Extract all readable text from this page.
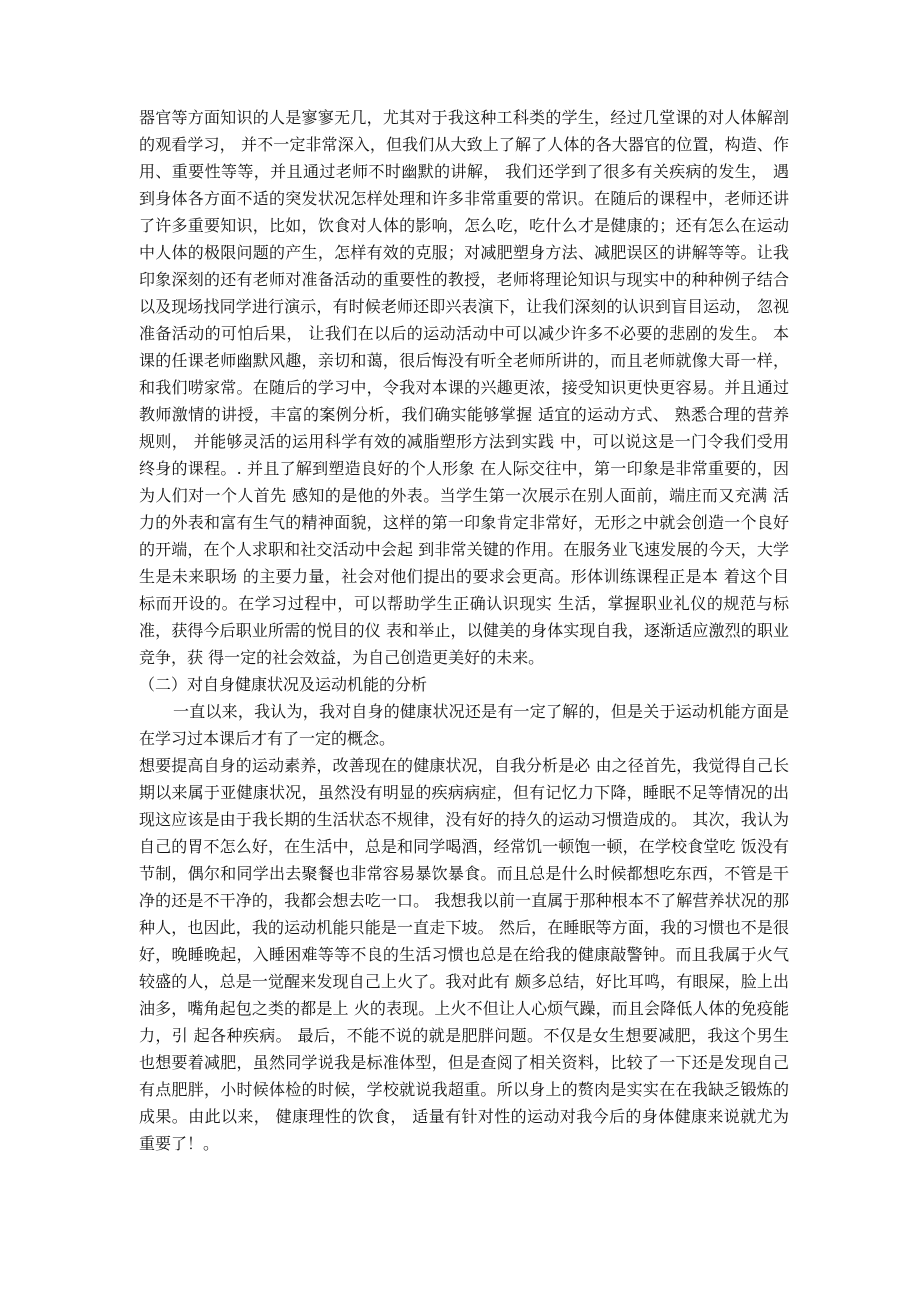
器官等方面知识的人是寥寥无几，尤其对于我这种工科类的学生，经过几堂课的对人体解剖的观看学习， 并不一定非常深入，但我们从大致上了解了人体的各大器官的位置，构造、作用、重要性等等，并且通过老师不时幽默的讲解， 我们还学到了很多有关疾病的发生， 遇到身体各方面不适的突发状况怎样处理和许多非常重要的常识。在随后的课程中，老师还讲了许多重要知识，比如，饮食对人体的影响，怎么吃，吃什么才是健康的；还有怎么在运动中人体的极限问题的产生，怎样有效的克服；对减肥塑身方法、减肥误区的讲解等等。让我印象深刻的还有老师对准备活动的重要性的教授，老师将理论知识与现实中的种种例子结合以及现场找同学进行演示，有时候老师还即兴表演下，让我们深刻的认识到盲目运动， 忽视准备活动的可怕后果， 让我们在以后的运动活动中可以减少许多不必要的悲剧的发生。 本课的任课老师幽默风趣，亲切和蔼，很后悔没有听全老师所讲的，而且老师就像大哥一样，和我们唠家常。在随后的学习中，令我对本课的兴趣更浓，接受知识更快更容易。并且通过教师激情的讲授，丰富的案例分析，我们确实能够掌握 适宜的运动方式、 熟悉合理的营养规则， 并能够灵活的运用科学有效的减脂塑形方法到实践 中，可以说这是一门令我们受用终身的课程。. 并且了解到塑造良好的个人形象 在人际交往中，第一印象是非常重要的，因为人们对一个人首先 感知的是他的外表。当学生第一次展示在别人面前，端庄而又充满 活力的外表和富有生气的精神面貌，这样的第一印象肯定非常好，无形之中就会创造一个良好的开端，在个人求职和社交活动中会起 到非常关键的作用。在服务业飞速发展的今天，大学生是未来职场 的主要力量，社会对他们提出的要求会更高。形体训练课程正是本 着这个目标而开设的。在学习过程中，可以帮助学生正确认识现实 生活，掌握职业礼仪的规范与标准，获得今后职业所需的悦目的仪 表和举止，以健美的身体实现自我，逐渐适应激烈的职业竞争，获 得一定的社会效益，为自己创造更美好的未来。

（二）对自身健康状况及运动机能的分析

一直以来，我认为，我对自身的健康状况还是有一定了解的，但是关于运动机能方面是 在学习过本课后才有了一定的概念。

想要提高自身的运动素养，改善现在的健康状况，自我分析是必 由之径首先，我觉得自己长期以来属于亚健康状况，虽然没有明显的疾病病症，但有记忆力下降，睡眠不足等情况的出现这应该是由于我长期的生活状态不规律，没有好的持久的运动习惯造成的。 其次，我认为自己的胃不怎么好，在生活中，总是和同学喝酒，经常饥一顿饱一顿，在学校食堂吃 饭没有节制，偶尔和同学出去聚餐也非常容易暴饮暴食。而且总是什么时候都想吃东西，不管是干净的还是不干净的，我都会想去吃一口。 我想我以前一直属于那种根本不了解营养状况的那种人，也因此，我的运动机能只能是一直走下坡。 然后，在睡眠等方面，我的习惯也不是很好，晚睡晚起，入睡困难等等不良的生活习惯也总是在给我的健康敲警钟。而且我属于火气较盛的人，总是一觉醒来发现自己上火了。我对此有 颇多总结，好比耳鸣，有眼屎，脸上出油多，嘴角起包之类的都是上 火的表现。上火不但让人心烦气躁，而且会降低人体的免疫能力，引 起各种疾病。 最后，不能不说的就是肥胖问题。不仅是女生想要减肥，我这个男生也想要着减肥，虽然同学说我是标准体型，但是查阅了相关资料，比较了一下还是发现自己有点肥胖，小时候体检的时候，学校就说我超重。所以身上的赘肉是实实在在我缺乏锻炼的成果。由此以来， 健康理性的饮食， 适量有针对性的运动对我今后的身体健康来说就尤为重要了！。
